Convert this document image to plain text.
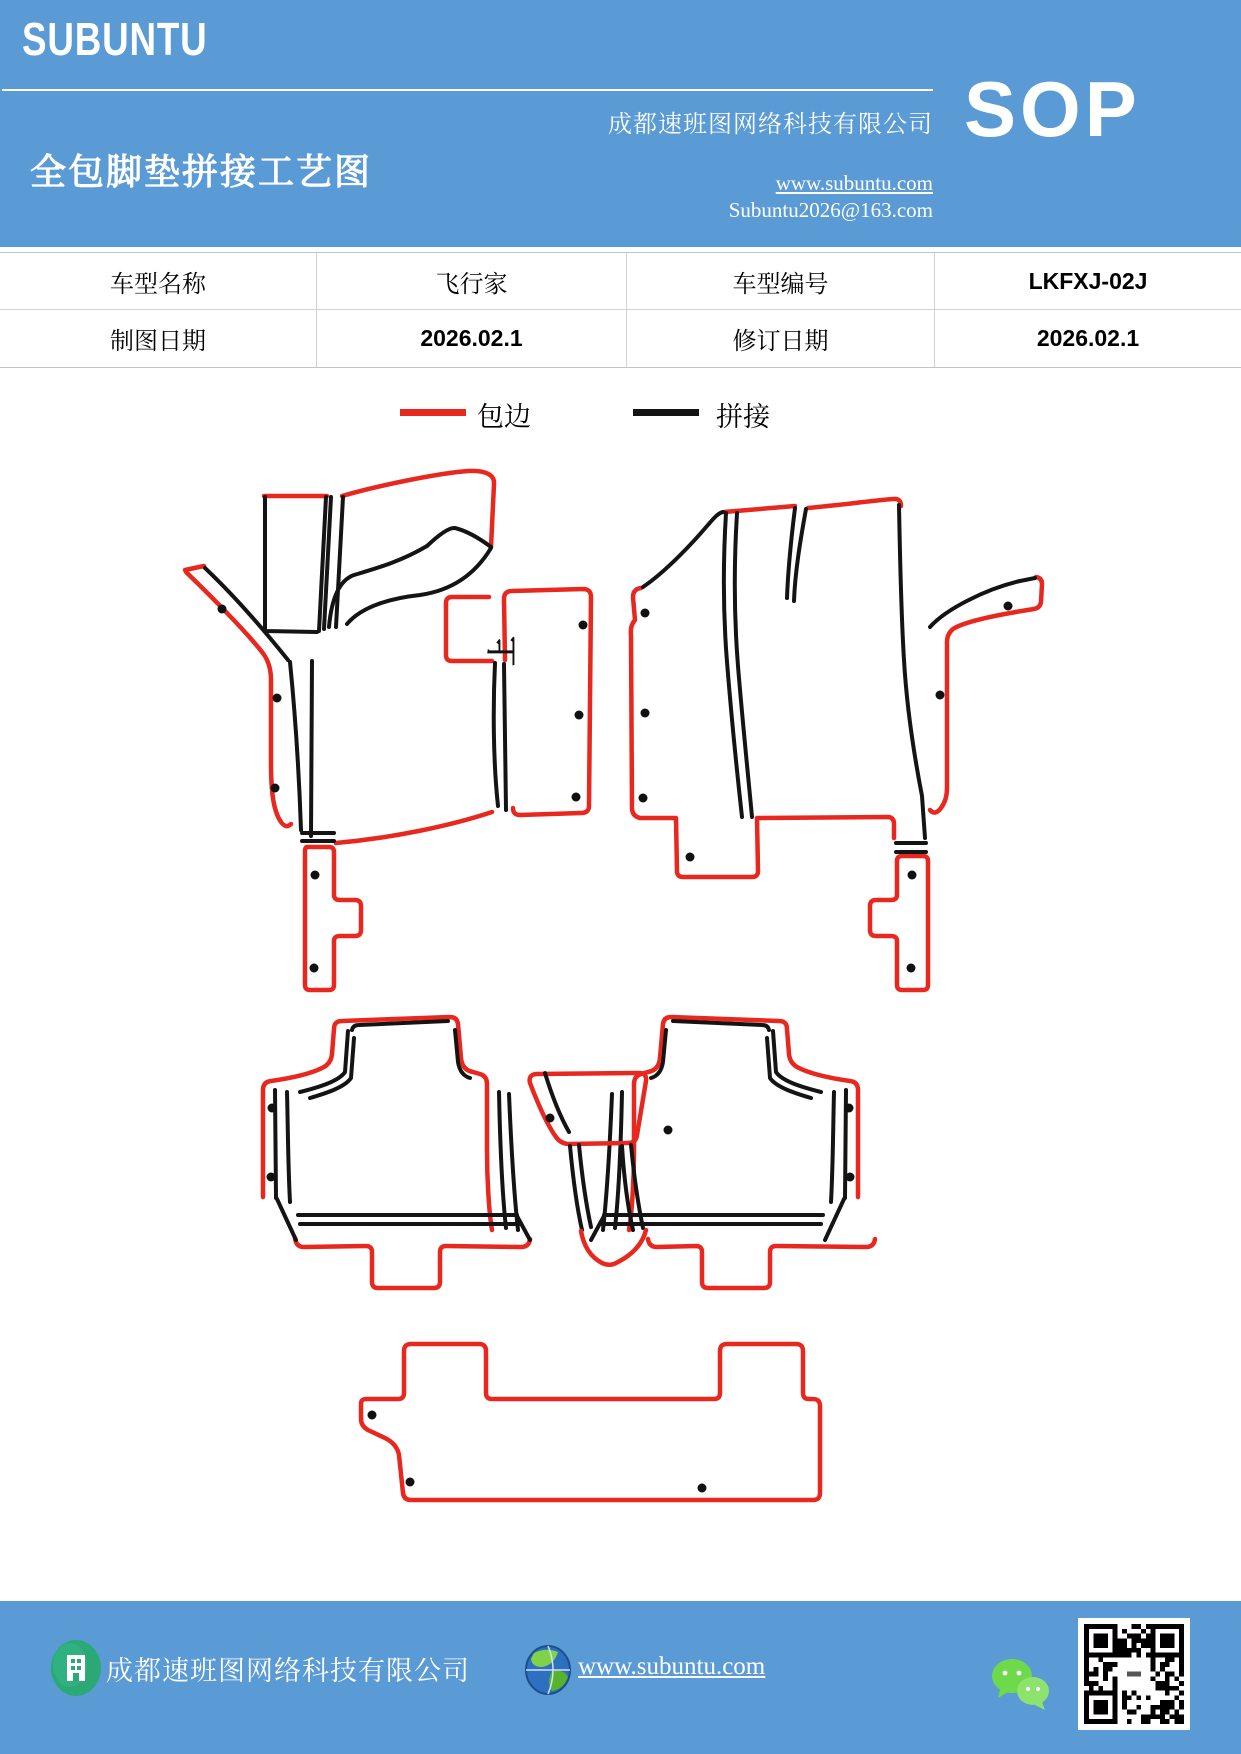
SUBUNTU
全包脚垫拼接工艺图
成都速班图网络科技有限公司
www.subuntu.com
Subuntu2026@163.com
SOP
车型名称	飞行家	车型编号	LKFXJ-02J
制图日期	2026.02.1	修订日期	2026.02.1
包边	拼接
上
成都速班图网络科技有限公司	www.subuntu.com
